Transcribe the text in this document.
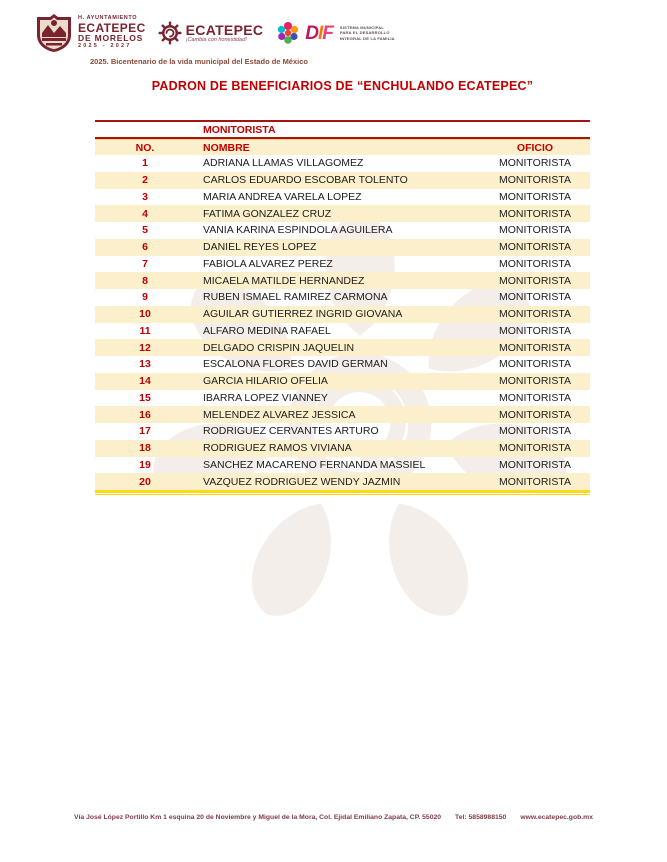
H. AYUNTAMIENTO
ECATEPEC
DE MORELOS
2025 - 2027
ECATEPEC
¡Cambia con honestidad!	DIF SISTEMA MUNICIPAL
PARA EL DESARROLLO
INTEGRAL DE LA FAMILIA
2025. Bicentenario de la vida municipal del Estado de México
PADRON DE BENEFICIARIOS DE “ENCHULANDO ECATEPEC”
MONITORISTA
NO.	NOMBRE	OFICIO
1	ADRIANA LLAMAS VILLAGOMEZ	MONITORISTA
2	CARLOS EDUARDO ESCOBAR TOLENTO	MONITORISTA
3	MARIA ANDREA VARELA LOPEZ	MONITORISTA
4	FATIMA GONZALEZ CRUZ	MONITORISTA
5	VANIA KARINA ESPINDOLA AGUILERA	MONITORISTA
6	DANIEL REYES LOPEZ	MONITORISTA
7	FABIOLA ALVAREZ PEREZ	MONITORISTA
8	MICAELA MATILDE HERNANDEZ	MONITORISTA
9	RUBEN ISMAEL RAMIREZ CARMONA	MONITORISTA
10	AGUILAR GUTIERREZ INGRID GIOVANA	MONITORISTA
11	ALFARO MEDINA RAFAEL	MONITORISTA
12	DELGADO CRISPIN JAQUELIN	MONITORISTA
13	ESCALONA FLORES DAVID GERMAN	MONITORISTA
14	GARCIA HILARIO OFELIA	MONITORISTA
15	IBARRA LOPEZ VIANNEY	MONITORISTA
16	MELENDEZ ALVAREZ JESSICA	MONITORISTA
17	RODRIGUEZ CERVANTES ARTURO	MONITORISTA
18	RODRIGUEZ RAMOS VIVIANA	MONITORISTA
19	SANCHEZ MACARENO FERNANDA MASSIEL	MONITORISTA
20	VAZQUEZ RODRIGUEZ WENDY JAZMIN	MONITORISTA
Vía José López Portillo Km 1 esquina 20 de Noviembre y Miguel de la Mora, Col. Ejidal Emiliano Zapata, CP. 55020 Tel: 5858988150 www.ecatepec.gob.mx
